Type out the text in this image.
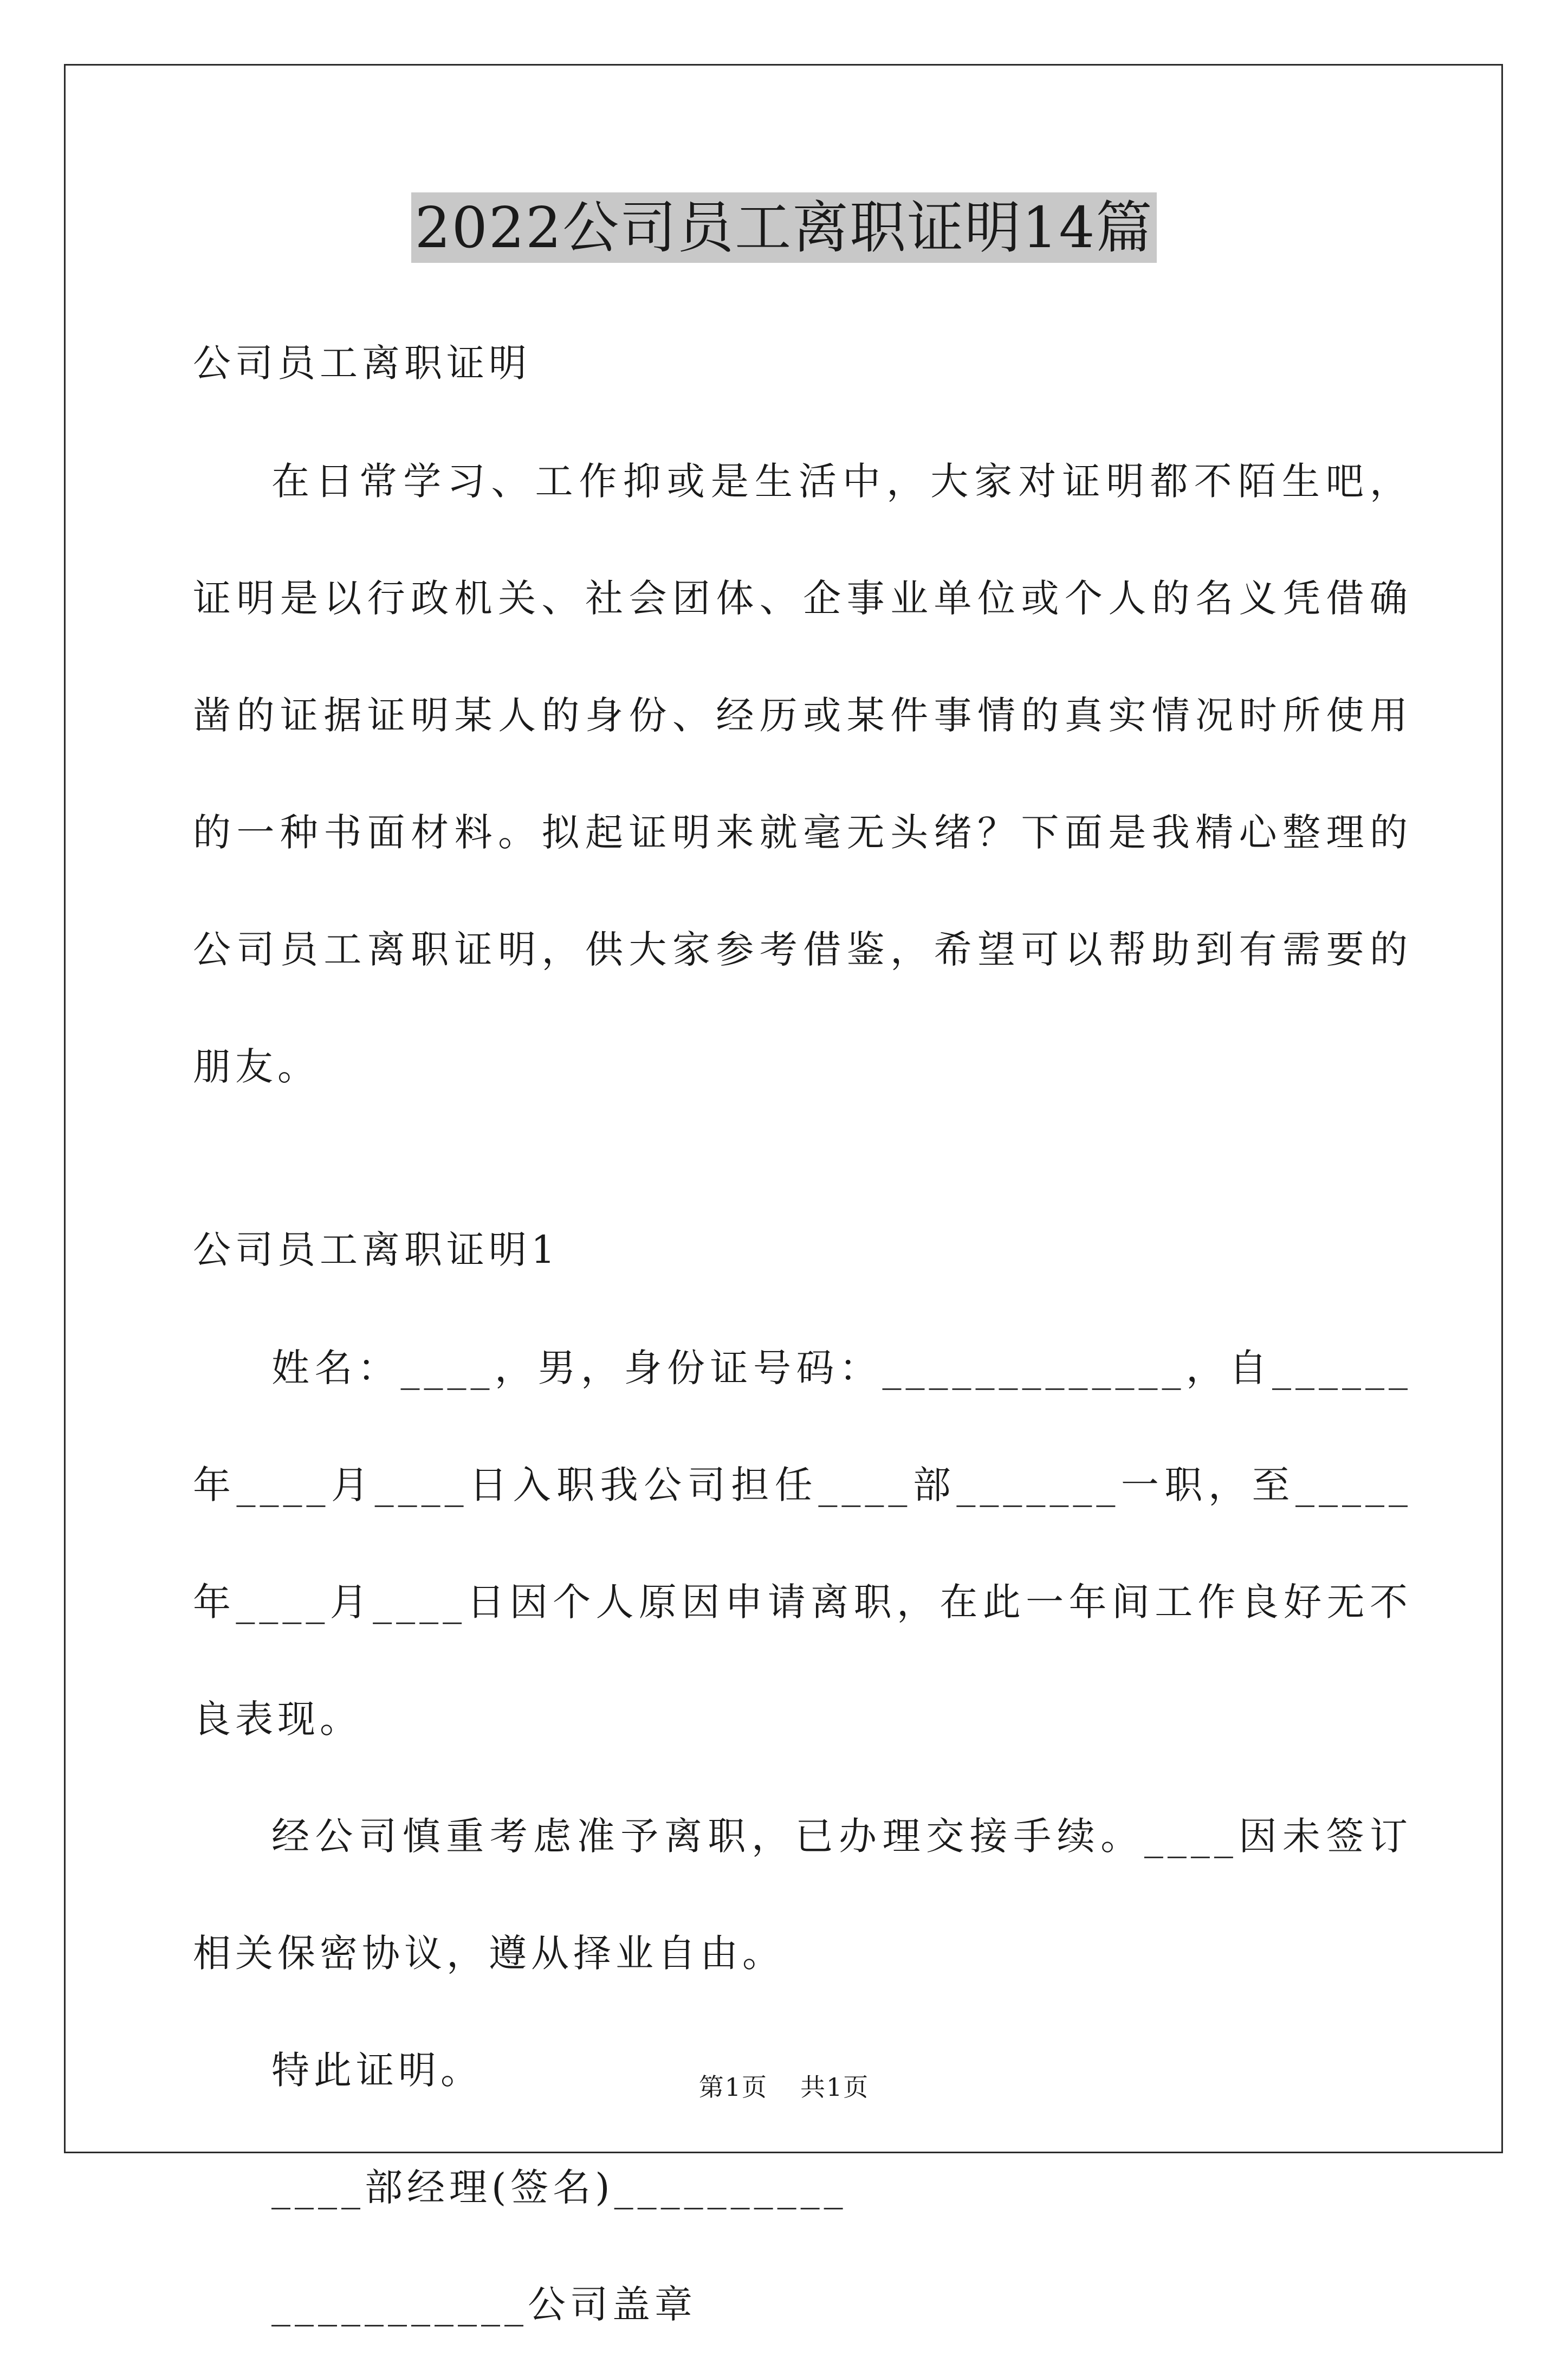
2022公司员工离职证明14篇

公司员工离职证明

在日常学习、工作抑或是生活中，大家对证明都不陌生吧，证明是以行政机关、社会团体、企事业单位或个人的名义凭借确凿的证据证明某人的身份、经历或某件事情的真实情况时所使用的一种书面材料。拟起证明来就毫无头绪？下面是我精心整理的公司员工离职证明，供大家参考借鉴，希望可以帮助到有需要的朋友。

公司员工离职证明1

姓名：____，男，身份证号码：_____________，自______年____月____日入职我公司担任____部_______一职，至_____年____月____日因个人原因申请离职，在此一年间工作良好无不良表现。

经公司慎重考虑准予离职，已办理交接手续。____因未签订相关保密协议，遵从择业自由。

特此证明。

____部经理(签名)__________

___________公司盖章

第1页 共1页
